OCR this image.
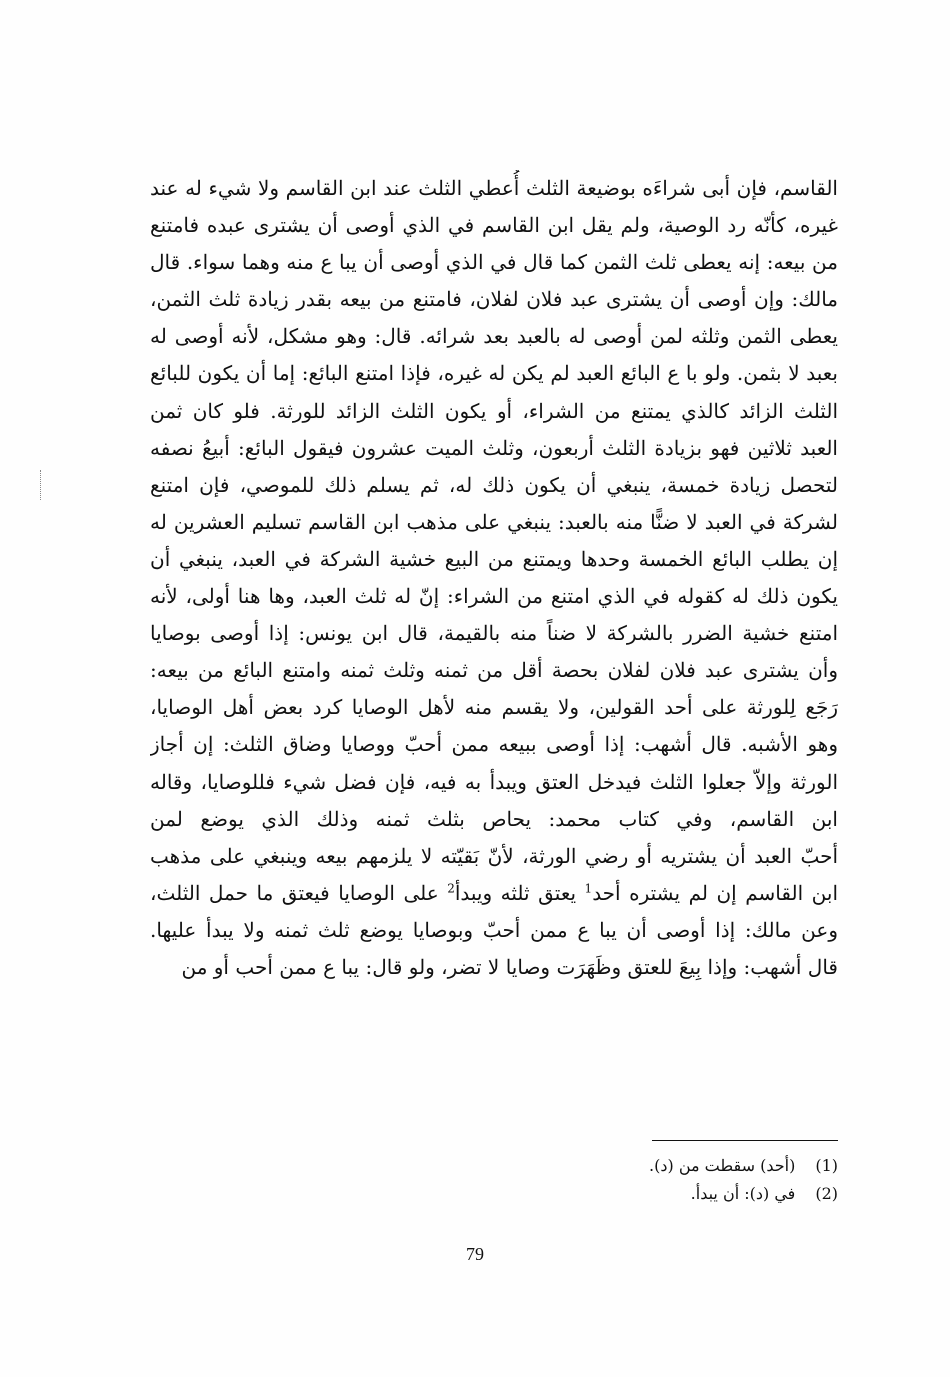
القاسم، فإن أبى شراءَه بوضيعة الثلث أُعطي الثلث عند ابن القاسم ولا شيء له عند
غيره، كأنّه رد الوصية، ولم يقل ابن القاسم في الذي أوصى أن يشترى عبده فامتنع
من بيعه: إنه يعطى ثلث الثمن كما قال في الذي أوصى أن يبا ع منه وهما سواء. قال
مالك: وإن أوصى أن يشترى عبد فلان لفلان، فامتنع من بيعه بقدر زيادة ثلث الثمن،
يعطى الثمن وثلثه لمن أوصى له بالعبد بعد شرائه. قال: وهو مشكل، لأنه أوصى له
بعبد لا بثمن. ولو با ع البائع العبد لم يكن له غيره، فإذا امتنع البائع: إما أن يكون للبائع
الثلث الزائد كالذي يمتنع من الشراء، أو يكون الثلث الزائد للورثة. فلو كان ثمن
العبد ثلاثين فهو بزيادة الثلث أربعون، وثلث الميت عشرون فيقول البائع: أبيعُ نصفه
لتحصل زيادة خمسة، ينبغي أن يكون ذلك له، ثم يسلم ذلك للموصي، فإن امتنع
لشركة في العبد لا ضنًّا منه بالعبد: ينبغي على مذهب ابن القاسم تسليم العشرين له
إن يطلب البائع الخمسة وحدها ويمتنع من البيع خشية الشركة في العبد، ينبغي أن
يكون ذلك له كقوله في الذي امتنع من الشراء: إنّ له ثلث العبد، وها هنا أولى، لأنه
امتنع خشية الضرر بالشركة لا ضناً منه بالقيمة، قال ابن يونس: إذا أوصى بوصايا
وأن يشترى عبد فلان لفلان بحصة أقل من ثمنه وثلث ثمنه وامتنع البائع من بيعه:
رَجَع لِلورثة على أحد القولين، ولا يقسم منه لأهل الوصايا كرد بعض أهل الوصايا،
وهو الأشبه. قال أشهب: إذا أوصى ببيعه ممن أحبّ ووصايا وضاق الثلث: إن أجاز
الورثة وإلاّ جعلوا الثلث فيدخل العتق ويبدأ به فيه، فإن فضل شيء فللوصايا، وقاله
ابن القاسم، وفي كتاب محمد: يحاص بثلث ثمنه وذلك الذي يوضع لمن
أحبّ العبد أن يشتريه أو رضي الورثة، لأنّ بَقيّته لا يلزمهم بيعه وينبغي على مذهب
ابن القاسم إن لم يشتره أحد$^1$ يعتق ثلثه ويبدأ$^2$ على الوصايا فيعتق ما حمل الثلث،
وعن مالك: إذا أوصى أن يبا ع ممن أحبّ وبوصايا يوضع ثلث ثمنه ولا يبدأ عليها.
قال أشهب: وإذا بِيعَ للعتق وظَهَرَت وصايا لا تضر، ولو قال: يبا ع ممن أحب أو من
(1)
(أحد) سقطت من (د).
(2)
في (د): أن يبدأ.
79
